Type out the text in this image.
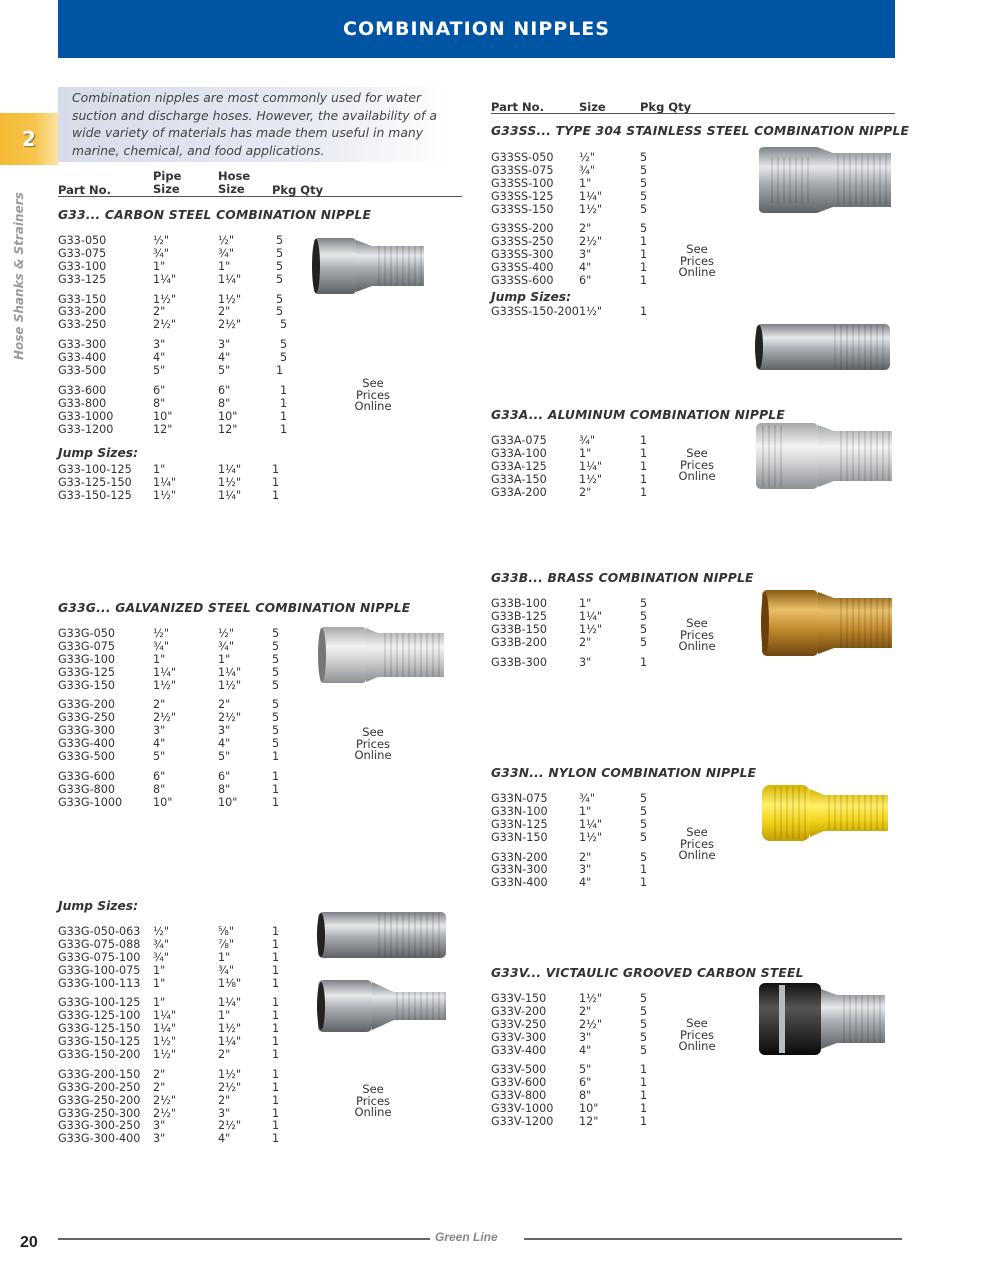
COMBINATION NIPPLES
2
Hose Shanks & Strainers
Combination nipples are most commonly used for water suction and discharge hoses. However, the availability of a wide variety of materials has made them useful in many marine, chemical, and food applications.
Part No.
Pipe
Size
Hose
Size	Pkg Qty
Part No.	Size	Pkg Qty
G33... CARBON STEEL COMBINATION NIPPLE
G33-050	½"	½"	5
G33-075	¾"	¾"	5
G33-100	1"	1"	5
G33-125	1¼"	1¼"	5
G33-150	1½"	1½"	5
G33-200	2"	2"	5
G33-250	2½"	2½"	5
G33-300	3"	3"	5
G33-400	4"	4"	5
G33-500	5"	5"	1
G33-600	6"	6"	1
G33-800	8"	8"	1
G33-1000	10"	10"	1
G33-1200	12"	12"	1
Jump Sizes:
G33-100-125 1"	1¼"	1
G33-125-150 1¼"	1½"	1
G33-150-125 1½"	1¼"	1
See
Prices
Online
G33G... GALVANIZED STEEL COMBINATION NIPPLE
G33G-050	½"	½"	5
G33G-075	¾"	¾"	5
G33G-100	1"	1"	5
G33G-125	1¼"	1¼"	5
G33G-150	1½"	1½"	5
G33G-200	2"	2"	5
G33G-250	2½"	2½"	5
G33G-300	3"	3"	5
G33G-400	4"	4"	5
G33G-500	5"	5"	1
G33G-600	6"	6"	1
G33G-800	8"	8"	1
G33G-1000	10"	10"	1
See
Prices
Online
Jump Sizes:
G33G-050-063 ½"	⅝"	1
G33G-075-088 ¾"	⅞"	1
G33G-075-100 ¾"	1"	1
G33G-100-075 1"	¾"	1
G33G-100-113 1"	1⅛"	1
G33G-100-125 1"	1¼"	1
G33G-125-100 1¼"	1"	1
G33G-125-150 1¼"	1½"	1
G33G-150-125 1½"	1¼"	1
G33G-150-200 1½"	2"	1
G33G-200-150 2"	1½"	1
G33G-200-250 2"	2½"	1
G33G-250-200 2½"	2"	1
G33G-250-300 2½"	3"	1
G33G-300-250 3"	2½"	1
G33G-300-400 3"	4"	1
See
Prices
Online
G33SS... TYPE 304 STAINLESS STEEL COMBINATION NIPPLE
G33SS-050 ½"	5
G33SS-075 ¾"	5
G33SS-100 1"	5
G33SS-125 1¼"	5
G33SS-150 1½"	5
G33SS-200 2"	5
G33SS-250 2½"	1
G33SS-300 3"	1
G33SS-400 4"	1
G33SS-600 6"	1
Jump Sizes:
G33SS-150-200 1½"	1
See
Prices
Online
G33A... ALUMINUM COMBINATION NIPPLE
G33A-075	¾"	1
G33A-100	1"	1
G33A-125	1¼"	1
G33A-150	1½"	1
G33A-200	2"	1
See
Prices
Online
G33B... BRASS COMBINATION NIPPLE
G33B-100	1"	5
G33B-125	1¼"	5
G33B-150	1½"	5
G33B-200	2"	5
G33B-300	3"	1
See
Prices
Online
G33N... NYLON COMBINATION NIPPLE
G33N-075	¾"	5
G33N-100	1"	5
G33N-125	1¼"	5
G33N-150	1½"	5
G33N-200	2"	5
G33N-300	3"	1
G33N-400	4"	1
See
Prices
Online
G33V... VICTAULIC GROOVED CARBON STEEL
G33V-150	1½"	5
G33V-200	2"	5
G33V-250	2½"	5
G33V-300	3"	5
G33V-400	4"	5
G33V-500	5"	1
G33V-600	6"	1
G33V-800	8"	1
G33V-1000 10"	1
G33V-1200 12"	1
See
Prices
Online
20	Green Line
